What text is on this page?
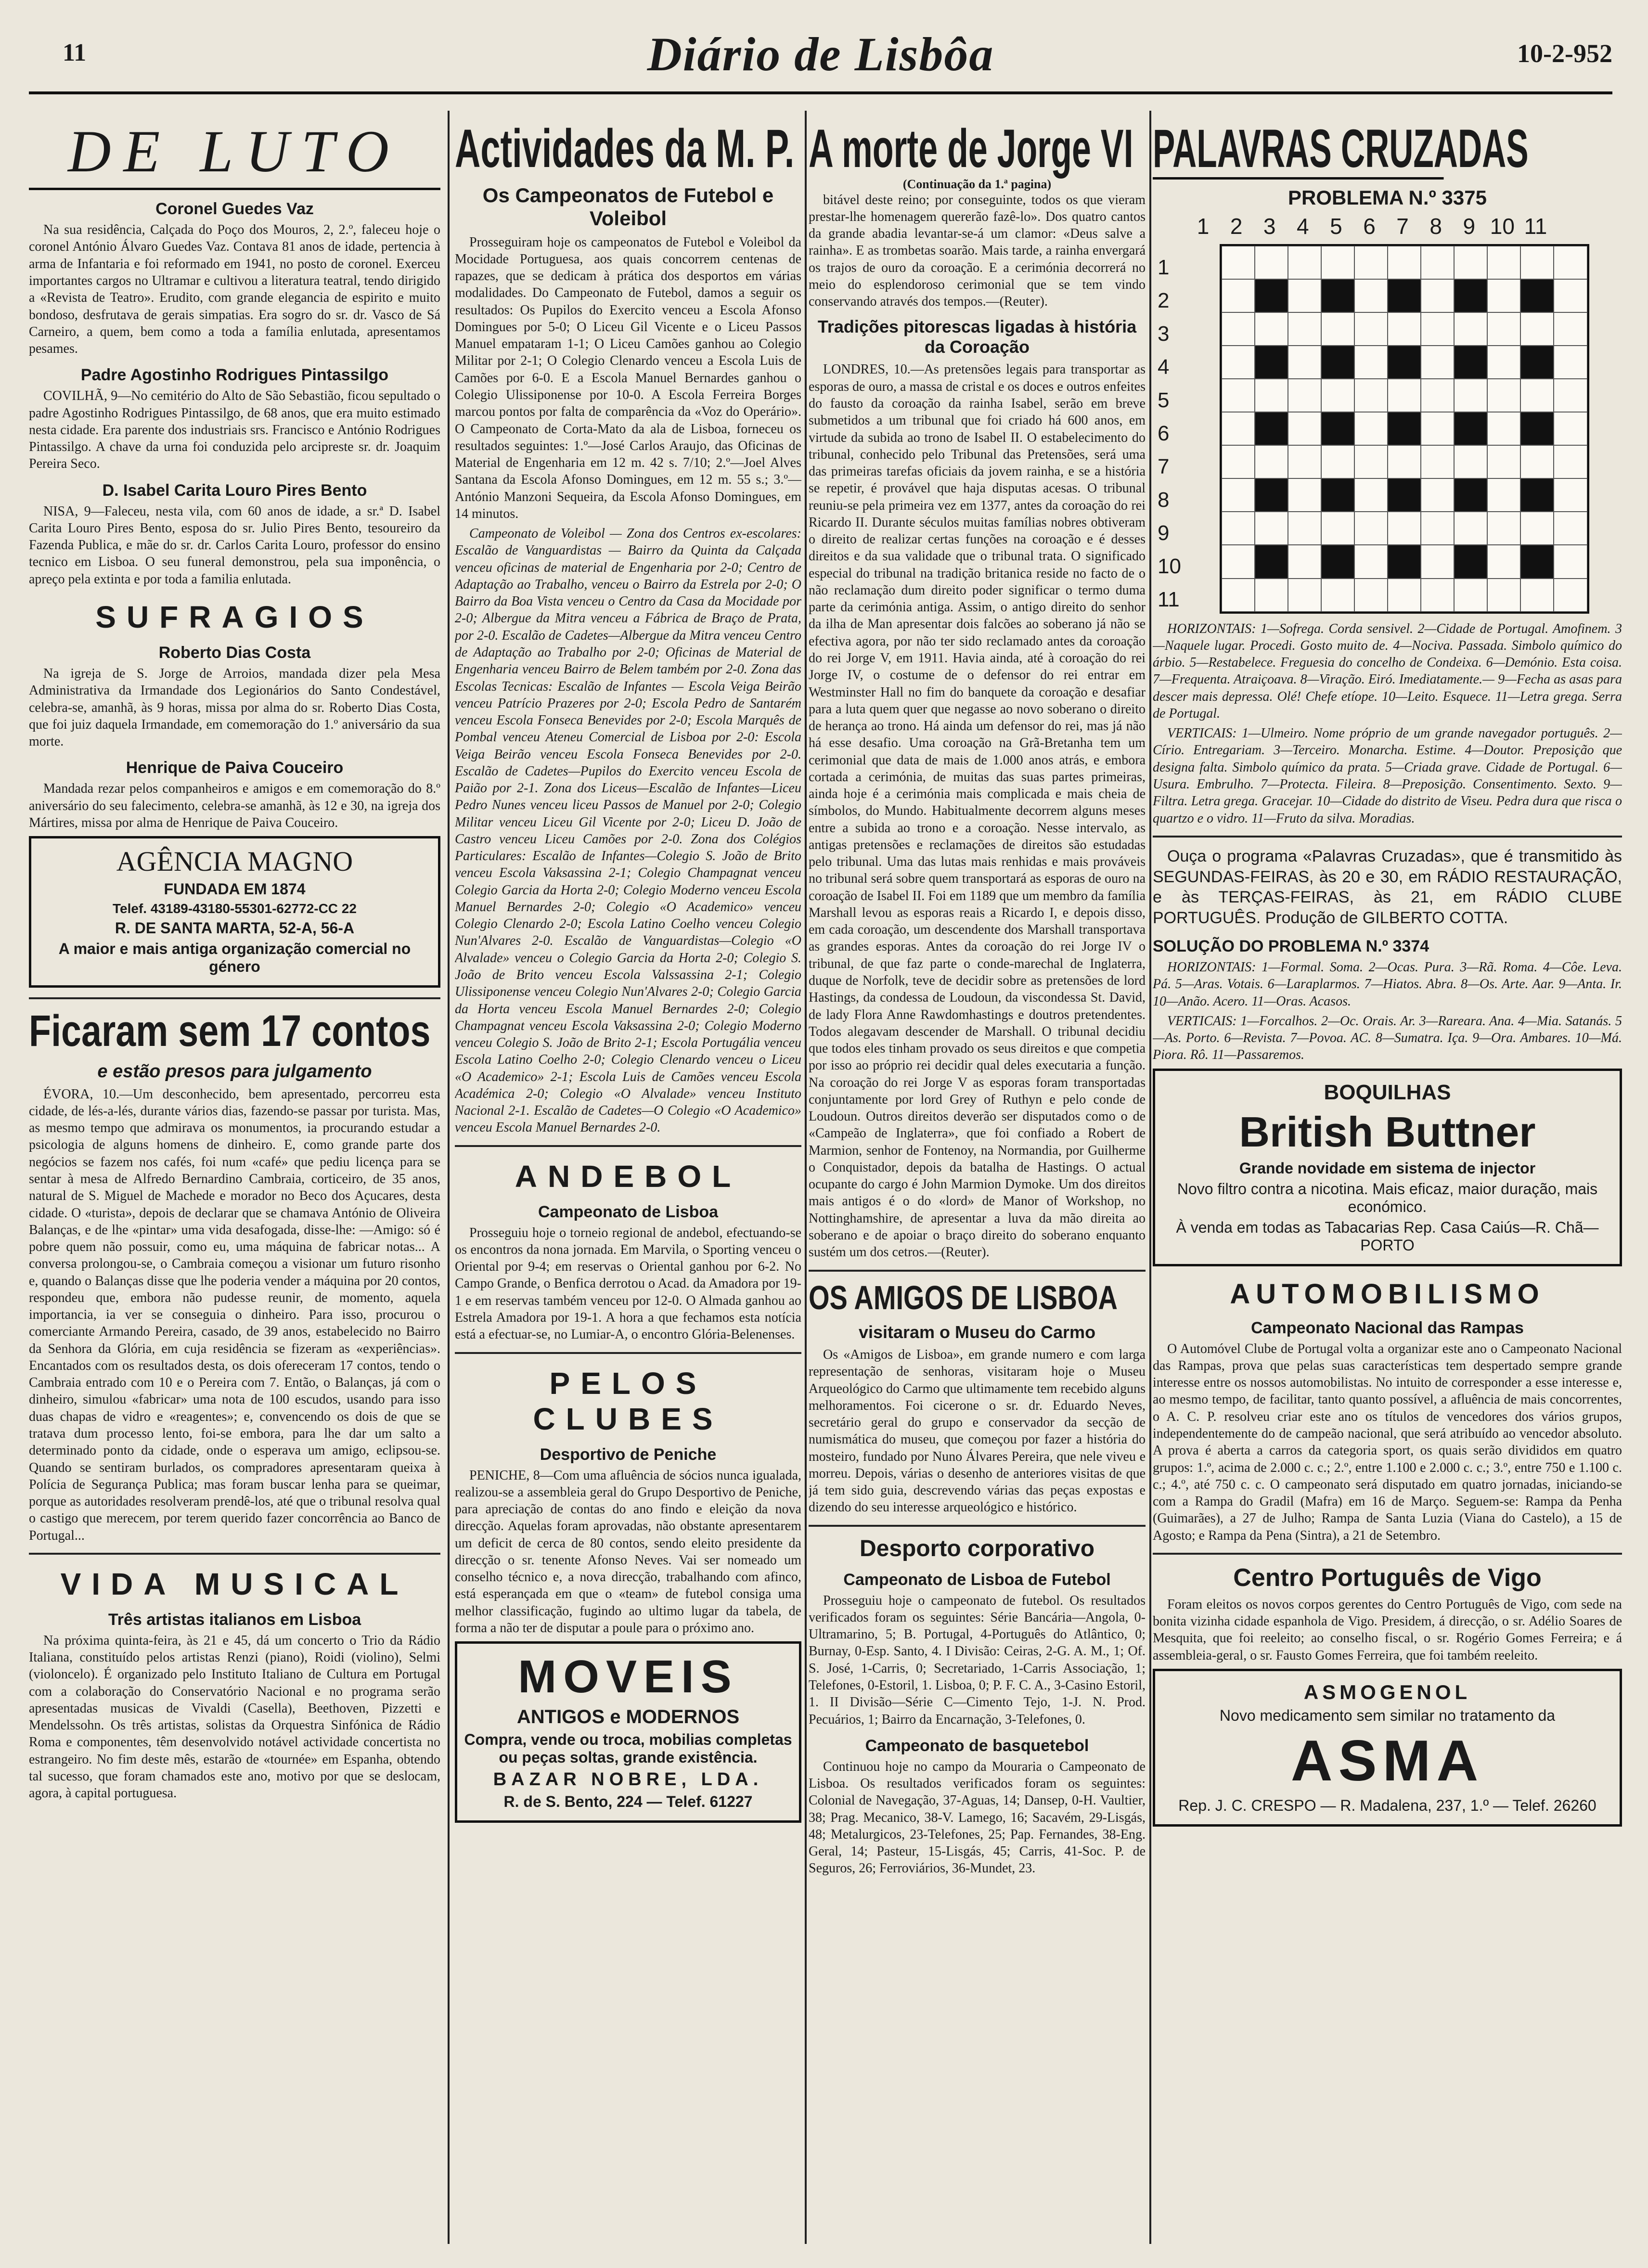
11	Diário de Lisbôa	10-2-952
DE LUTO
Coronel Guedes Vaz

Na sua residência, Calçada do Poço dos Mouros, 2, 2.º, faleceu hoje o coronel António Álvaro Guedes Vaz. Contava 81 anos de idade, pertencia à arma de Infantaria e foi reformado em 1941, no posto de coronel. Exerceu importantes cargos no Ultramar e cultivou a literatura teatral, tendo dirigido a «Revista de Teatro». Erudito, com grande elegancia de espirito e muito bondoso, desfrutava de gerais simpatias. Era sogro do sr. dr. Vasco de Sá Carneiro, a quem, bem como a toda a família enlutada, apresentamos pesames.

Padre Agostinho Rodrigues Pintassilgo

COVILHÃ, 9—No cemitério do Alto de São Sebastião, ficou sepultado o padre Agostinho Rodrigues Pintassilgo, de 68 anos, que era muito estimado nesta cidade. Era parente dos industriais srs. Francisco e António Rodrigues Pintassilgo. A chave da urna foi conduzida pelo arcipreste sr. dr. Joaquim Pereira Seco.

D. Isabel Carita Louro Pires Bento

NISA, 9—Faleceu, nesta vila, com 60 anos de idade, a sr.ª D. Isabel Carita Louro Pires Bento, esposa do sr. Julio Pires Bento, tesoureiro da Fazenda Publica, e mãe do sr. dr. Carlos Carita Louro, professor do ensino tecnico em Lisboa. O seu funeral demonstrou, pela sua imponência, o apreço pela extinta e por toda a familia enlutada.

SUFRAGIOS
Roberto Dias Costa

Na igreja de S. Jorge de Arroios, mandada dizer pela Mesa Administrativa da Irmandade dos Legionários do Santo Condestável, celebra-se, amanhã, às 9 horas, missa por alma do sr. Roberto Dias Costa, que foi juiz daquela Irmandade, em comemoração do 1.º aniversário da sua morte.

Henrique de Paiva Couceiro

Mandada rezar pelos companheiros e amigos e em comemoração do 8.º aniversário do seu falecimento, celebra-se amanhã, às 12 e 30, na igreja dos Mártires, missa por alma de Henrique de Paiva Couceiro.

AGÊNCIA MAGNO
FUNDADA EM 1874
Telef. 43189-43180-55301-62772-CC 22
R. DE SANTA MARTA, 52-A, 56-A
A maior e mais antiga organização comercial no género
Ficaram sem 17 contos
e estão presos para julgamento

ÉVORA, 10.—Um desconhecido, bem apresentado, percorreu esta cidade, de lés-a-lés, durante vários dias, fazendo-se passar por turista. Mas, as mesmo tempo que admirava os monumentos, ia procurando estudar a psicologia de alguns homens de dinheiro. E, como grande parte dos negócios se fazem nos cafés, foi num «café» que pediu licença para se sentar à mesa de Alfredo Bernardino Cambraia, corticeiro, de 35 anos, natural de S. Miguel de Machede e morador no Beco dos Açucares, desta cidade. O «turista», depois de declarar que se chamava António de Oliveira Balanças, e de lhe «pintar» uma vida desafogada, disse-lhe: —Amigo: só é pobre quem não possuir, como eu, uma máquina de fabricar notas... A conversa prolongou-se, o Cambraia começou a visionar um futuro risonho e, quando o Balanças disse que lhe poderia vender a máquina por 20 contos, respondeu que, embora não pudesse reunir, de momento, aquela importancia, ia ver se conseguia o dinheiro. Para isso, procurou o comerciante Armando Pereira, casado, de 39 anos, estabelecido no Bairro da Senhora da Glória, em cuja residência se fizeram as «experiências». Encantados com os resultados desta, os dois ofereceram 17 contos, tendo o Cambraia entrado com 10 e o Pereira com 7. Então, o Balanças, já com o dinheiro, simulou «fabricar» uma nota de 100 escudos, usando para isso duas chapas de vidro e «reagentes»; e, convencendo os dois de que se tratava dum processo lento, foi-se embora, para lhe dar um salto a determinado ponto da cidade, onde o esperava um amigo, eclipsou-se. Quando se sentiram burlados, os compradores apresentaram queixa à Polícia de Segurança Publica; mas foram buscar lenha para se queimar, porque as autoridades resolveram prendê-los, até que o tribunal resolva qual o castigo que merecem, por terem querido fazer concorrência ao Banco de Portugal...

VIDA MUSICAL
Três artistas italianos em Lisboa

Na próxima quinta-feira, às 21 e 45, dá um concerto o Trio da Rádio Italiana, constituído pelos artistas Renzi (piano), Roidi (violino), Selmi (violoncelo). É organizado pelo Instituto Italiano de Cultura em Portugal com a colaboração do Conservatório Nacional e no programa serão apresentadas musicas de Vivaldi (Casella), Beethoven, Pizzetti e Mendelssohn. Os três artistas, solistas da Orquestra Sinfónica de Rádio Roma e componentes, têm desenvolvido notável actividade concertista no estrangeiro. No fim deste mês, estarão de «tournée» em Espanha, obtendo tal sucesso, que foram chamados este ano, motivo por que se deslocam, agora, à capital portuguesa.

Actividades da M. P.
Os Campeonatos de Futebol e Voleibol

Prosseguiram hoje os campeonatos de Futebol e Voleibol da Mocidade Portuguesa, aos quais concorrem centenas de rapazes, que se dedicam à prática dos desportos em várias modalidades. Do Campeonato de Futebol, damos a seguir os resultados: Os Pupilos do Exercito venceu a Escola Afonso Domingues por 5-0; O Liceu Gil Vicente e o Liceu Passos Manuel empataram 1-1; O Liceu Camões ganhou ao Colegio Militar por 2-1; O Colegio Clenardo venceu a Escola Luis de Camões por 6-0. E a Escola Manuel Bernardes ganhou o Colegio Ulissiponense por 10-0. A Escola Ferreira Borges marcou pontos por falta de comparência da «Voz do Operário». O Campeonato de Corta-Mato da ala de Lisboa, forneceu os resultados seguintes: 1.º—José Carlos Araujo, das Oficinas de Material de Engenharia em 12 m. 42 s. 7/10; 2.º—Joel Alves Santana da Escola Afonso Domingues, em 12 m. 55 s.; 3.º—António Manzoni Sequeira, da Escola Afonso Domingues, em 14 minutos.

Campeonato de Voleibol — Zona dos Centros ex-escolares: Escalão de Vanguardistas — Bairro da Quinta da Calçada venceu oficinas de material de Engenharia por 2-0; Centro de Adaptação ao Trabalho, venceu o Bairro da Estrela por 2-0; O Bairro da Boa Vista venceu o Centro da Casa da Mocidade por 2-0; Albergue da Mitra venceu a Fábrica de Braço de Prata, por 2-0. Escalão de Cadetes—Albergue da Mitra venceu Centro de Adaptação ao Trabalho por 2-0; Oficinas de Material de Engenharia venceu Bairro de Belem também por 2-0. Zona das Escolas Tecnicas: Escalão de Infantes — Escola Veiga Beirão venceu Patrício Prazeres por 2-0; Escola Pedro de Santarém venceu Escola Fonseca Benevides por 2-0; Escola Marquês de Pombal venceu Ateneu Comercial de Lisboa por 2-0: Escola Veiga Beirão venceu Escola Fonseca Benevides por 2-0. Escalão de Cadetes—Pupilos do Exercito venceu Escola de Paião por 2-1. Zona dos Liceus—Escalão de Infantes—Liceu Pedro Nunes venceu liceu Passos de Manuel por 2-0; Colegio Militar venceu Liceu Gil Vicente por 2-0; Liceu D. João de Castro venceu Liceu Camões por 2-0. Zona dos Colégios Particulares: Escalão de Infantes—Colegio S. João de Brito venceu Escola Vaksassina 2-1; Colegio Champagnat venceu Colegio Garcia da Horta 2-0; Colegio Moderno venceu Escola Manuel Bernardes 2-0; Colegio «O Academico» venceu Colegio Clenardo 2-0; Escola Latino Coelho venceu Colegio Nun'Alvares 2-0. Escalão de Vanguardistas—Colegio «O Alvalade» venceu o Colegio Garcia da Horta 2-0; Colegio S. João de Brito venceu Escola Valssassina 2-1; Colegio Ulissiponense venceu Colegio Nun'Alvares 2-0; Colegio Garcia da Horta venceu Escola Manuel Bernardes 2-0; Colegio Champagnat venceu Escola Vaksassina 2-0; Colegio Moderno venceu Colegio S. João de Brito 2-1; Escola Portugália venceu Escola Latino Coelho 2-0; Colegio Clenardo venceu o Liceu «O Academico» 2-1; Escola Luis de Camões venceu Escola Académica 2-0; Colegio «O Alvalade» venceu Instituto Nacional 2-1. Escalão de Cadetes—O Colegio «O Academico» venceu Escola Manuel Bernardes 2-0.

ANDEBOL
Campeonato de Lisboa

Prosseguiu hoje o torneio regional de andebol, efectuando-se os encontros da nona jornada. Em Marvila, o Sporting venceu o Oriental por 9-4; em reservas o Oriental ganhou por 6-2. No Campo Grande, o Benfica derrotou o Acad. da Amadora por 19-1 e em reservas também venceu por 12-0. O Almada ganhou ao Estrela Amadora por 19-1. A hora a que fechamos esta notícia está a efectuar-se, no Lumiar-A, o encontro Glória-Belenenses.

PELOS CLUBES
Desportivo de Peniche

PENICHE, 8—Com uma afluência de sócios nunca igualada, realizou-se a assembleia geral do Grupo Desportivo de Peniche, para apreciação de contas do ano findo e eleição da nova direcção. Aquelas foram aprovadas, não obstante apresentarem um deficit de cerca de 80 contos, sendo eleito presidente da direcção o sr. tenente Afonso Neves. Vai ser nomeado um conselho técnico e, a nova direcção, trabalhando com afinco, está esperançada em que o «team» de futebol consiga uma melhor classificação, fugindo ao ultimo lugar da tabela, de forma a não ter de disputar a poule para o próximo ano.

MOVEIS
ANTIGOS e MODERNOS
Compra, vende ou troca, mobilias completas ou peças soltas, grande existência.
BAZAR NOBRE, LDA.
R. de S. Bento, 224 — Telef. 61227
A morte de Jorge VI
(Continuação da 1.ª pagina)

bitável deste reino; por conseguinte, todos os que vieram prestar-lhe homenagem quererão fazê-lo». Dos quatro cantos da grande abadia levantar-se-á um clamor: «Deus salve a rainha». E as trombetas soarão. Mais tarde, a rainha envergará os trajos de ouro da coroação. E a cerimónia decorrerá no meio do esplendoroso cerimonial que se tem vindo conservando através dos tempos.—(Reuter).

Tradições pitorescas ligadas à história da Coroação

LONDRES, 10.—As pretensões legais para transportar as esporas de ouro, a massa de cristal e os doces e outros enfeites do fausto da coroação da rainha Isabel, serão em breve submetidos a um tribunal que foi criado há 600 anos, em virtude da subida ao trono de Isabel II. O estabelecimento do tribunal, conhecido pelo Tribunal das Pretensões, será uma das primeiras tarefas oficiais da jovem rainha, e se a história se repetir, é provável que haja disputas acesas. O tribunal reuniu-se pela primeira vez em 1377, antes da coroação do rei Ricardo II. Durante séculos muitas famílias nobres obtiveram o direito de realizar certas funções na coroação e é desses direitos e da sua validade que o tribunal trata. O significado especial do tribunal na tradição britanica reside no facto de o não reclamação dum direito poder significar o termo duma parte da cerimónia antiga. Assim, o antigo direito do senhor da ilha de Man apresentar dois falcões ao soberano já não se efectiva agora, por não ter sido reclamado antes da coroação do rei Jorge V, em 1911. Havia ainda, até à coroação do rei Jorge IV, o costume de o defensor do rei entrar em Westminster Hall no fim do banquete da coroação e desafiar para a luta quem quer que negasse ao novo soberano o direito de herança ao trono. Há ainda um defensor do rei, mas já não há esse desafio. Uma coroação na Grã-Bretanha tem um cerimonial que data de mais de 1.000 anos atrás, e embora cortada a cerimónia, de muitas das suas partes primeiras, ainda hoje é a cerimónia mais complicada e mais cheia de símbolos, do Mundo. Habitualmente decorrem alguns meses entre a subida ao trono e a coroação. Nesse intervalo, as antigas pretensões e reclamações de direitos são estudadas pelo tribunal. Uma das lutas mais renhidas e mais prováveis no tribunal será sobre quem transportará as esporas de ouro na coroação de Isabel II. Foi em 1189 que um membro da família Marshall levou as esporas reais a Ricardo I, e depois disso, em cada coroação, um descendente dos Marshall transportava as grandes esporas. Antes da coroação do rei Jorge IV o tribunal, de que faz parte o conde-marechal de Inglaterra, duque de Norfolk, teve de decidir sobre as pretensões de lord Hastings, da condessa de Loudoun, da viscondessa St. David, de lady Flora Anne Rawdomhastings e doutros pretendentes. Todos alegavam descender de Marshall. O tribunal decidiu que todos eles tinham provado os seus direitos e que competia por isso ao próprio rei decidir qual deles executaria a função. Na coroação do rei Jorge V as esporas foram transportadas conjuntamente por lord Grey of Ruthyn e pelo conde de Loudoun. Outros direitos deverão ser disputados como o de «Campeão de Inglaterra», que foi confiado a Robert de Marmion, senhor de Fontenoy, na Normandia, por Guilherme o Conquistador, depois da batalha de Hastings. O actual ocupante do cargo é John Marmion Dymoke. Um dos direitos mais antigos é o do «lord» de Manor of Workshop, no Nottinghamshire, de apresentar a luva da mão direita ao soberano e de apoiar o braço direito do soberano enquanto sustém um dos cetros.—(Reuter).

OS AMIGOS DE LISBOA
visitaram o Museu do Carmo

Os «Amigos de Lisboa», em grande numero e com larga representação de senhoras, visitaram hoje o Museu Arqueológico do Carmo que ultimamente tem recebido alguns melhoramentos. Foi cicerone o sr. dr. Eduardo Neves, secretário geral do grupo e conservador da secção de numismática do museu, que começou por fazer a história do mosteiro, fundado por Nuno Álvares Pereira, que nele viveu e morreu. Depois, várias o desenho de anteriores visitas de que já tem sido guia, descrevendo várias das peças expostas e dizendo do seu interesse arqueológico e histórico.

Desporto corporativo
Campeonato de Lisboa de Futebol

Prosseguiu hoje o campeonato de futebol. Os resultados verificados foram os seguintes: Série Bancária—Angola, 0-Ultramarino, 5; B. Portugal, 4-Português do Atlântico, 0; Burnay, 0-Esp. Santo, 4. I Divisão: Ceiras, 2-G. A. M., 1; Of. S. José, 1-Carris, 0; Secretariado, 1-Carris Associação, 1; Telefones, 0-Estoril, 1. Lisboa, 0; P. F. C. A., 3-Casino Estoril, 1. II Divisão—Série C—Cimento Tejo, 1-J. N. Prod. Pecuários, 1; Bairro da Encarnação, 3-Telefones, 0.

Campeonato de basquetebol

Continuou hoje no campo da Mouraria o Campeonato de Lisboa. Os resultados verificados foram os seguintes: Colonial de Navegação, 37-Aguas, 14; Dansep, 0-H. Vaultier, 38; Prag. Mecanico, 38-V. Lamego, 16; Sacavém, 29-Lisgás, 48; Metalurgicos, 23-Telefones, 25; Pap. Fernandes, 38-Eng. Geral, 14; Pasteur, 15-Lisgás, 45; Carris, 41-Soc. P. de Seguros, 26; Ferroviários, 36-Mundet, 23.

PALAVRAS CRUZADAS
PROBLEMA N.º 3375
1 2 3 4 5 6 7 8 9 10 11
1
2
3
4
5
6
7
8
9
10
11

HORIZONTAIS: 1—Sofrega. Corda sensivel. 2—Cidade de Portugal. Amofinem. 3—Naquele lugar. Procedi. Gosto muito de. 4—Nociva. Passada. Simbolo químico do árbio. 5—Restabelece. Freguesia do concelho de Condeixa. 6—Demónio. Esta coisa. 7—Frequenta. Atraiçoava. 8—Viração. Eiró. Imediatamente.— 9—Fecha as asas para descer mais depressa. Olé! Chefe etíope. 10—Leito. Esquece. 11—Letra grega. Serra de Portugal.

VERTICAIS: 1—Ulmeiro. Nome próprio de um grande navegador português. 2—Círio. Entregariam. 3—Terceiro. Monarcha. Estime. 4—Doutor. Preposição que designa falta. Simbolo químico da prata. 5—Criada grave. Cidade de Portugal. 6—Usura. Embrulho. 7—Protecta. Fileira. 8—Preposição. Consentimento. Sexto. 9—Filtra. Letra grega. Gracejar. 10—Cidade do distrito de Viseu. Pedra dura que risca o quartzo e o vidro. 11—Fruto da silva. Moradias.

Ouça o programa «Palavras Cruzadas», que é transmitido às SEGUNDAS-FEIRAS, às 20 e 30, em RÁDIO RESTAURAÇÃO, e às TERÇAS-FEIRAS, às 21, em RÁDIO CLUBE PORTUGUÊS. Produção de GILBERTO COTTA.

SOLUÇÃO DO PROBLEMA N.º 3374

HORIZONTAIS: 1—Formal. Soma. 2—Ocas. Pura. 3—Rã. Roma. 4—Côe. Leva. Pá. 5—Aras. Votais. 6—Laraplarmos. 7—Hiatos. Abra. 8—Os. Arte. Aar. 9—Anta. Ir. 10—Anão. Acero. 11—Oras. Acasos.

VERTICAIS: 1—Forcalhos. 2—Oc. Orais. Ar. 3—Rareara. Ana. 4—Mia. Satanás. 5—As. Porto. 6—Revista. 7—Povoa. AC. 8—Sumatra. Iça. 9—Ora. Ambares. 10—Má. Piora. Rô. 11—Passaremos.

BOQUILHAS
British Buttner
Grande novidade em sistema de injector
Novo filtro contra a nicotina. Mais eficaz, maior duração, mais económico.
À venda em todas as Tabacarias Rep. Casa Caiús—R. Chã—PORTO
AUTOMOBILISMO
Campeonato Nacional das Rampas

O Automóvel Clube de Portugal volta a organizar este ano o Campeonato Nacional das Rampas, prova que pelas suas características tem despertado sempre grande interesse entre os nossos automobilistas. No intuito de corresponder a esse interesse e, ao mesmo tempo, de facilitar, tanto quanto possível, a afluência de mais concorrentes, o A. C. P. resolveu criar este ano os títulos de vencedores dos vários grupos, independentemente do de campeão nacional, que será atribuído ao vencedor absoluto. A prova é aberta a carros da categoria sport, os quais serão divididos em quatro grupos: 1.º, acima de 2.000 c. c.; 2.º, entre 1.100 e 2.000 c. c.; 3.º, entre 750 e 1.100 c. c.; 4.º, até 750 c. c. O campeonato será disputado em quatro jornadas, iniciando-se com a Rampa do Gradil (Mafra) em 16 de Março. Seguem-se: Rampa da Penha (Guimarães), a 27 de Julho; Rampa de Santa Luzia (Viana do Castelo), a 15 de Agosto; e Rampa da Pena (Sintra), a 21 de Setembro.

Centro Português de Vigo

Foram eleitos os novos corpos gerentes do Centro Português de Vigo, com sede na bonita vizinha cidade espanhola de Vigo. Presidem, á direcção, o sr. Adélio Soares de Mesquita, que foi reeleito; ao conselho fiscal, o sr. Rogério Gomes Ferreira; e á assembleia-geral, o sr. Fausto Gomes Ferreira, que foi também reeleito.

ASMOGENOL
Novo medicamento sem similar no tratamento da
ASMA
Rep. J. C. CRESPO — R. Madalena, 237, 1.º — Telef. 26260
